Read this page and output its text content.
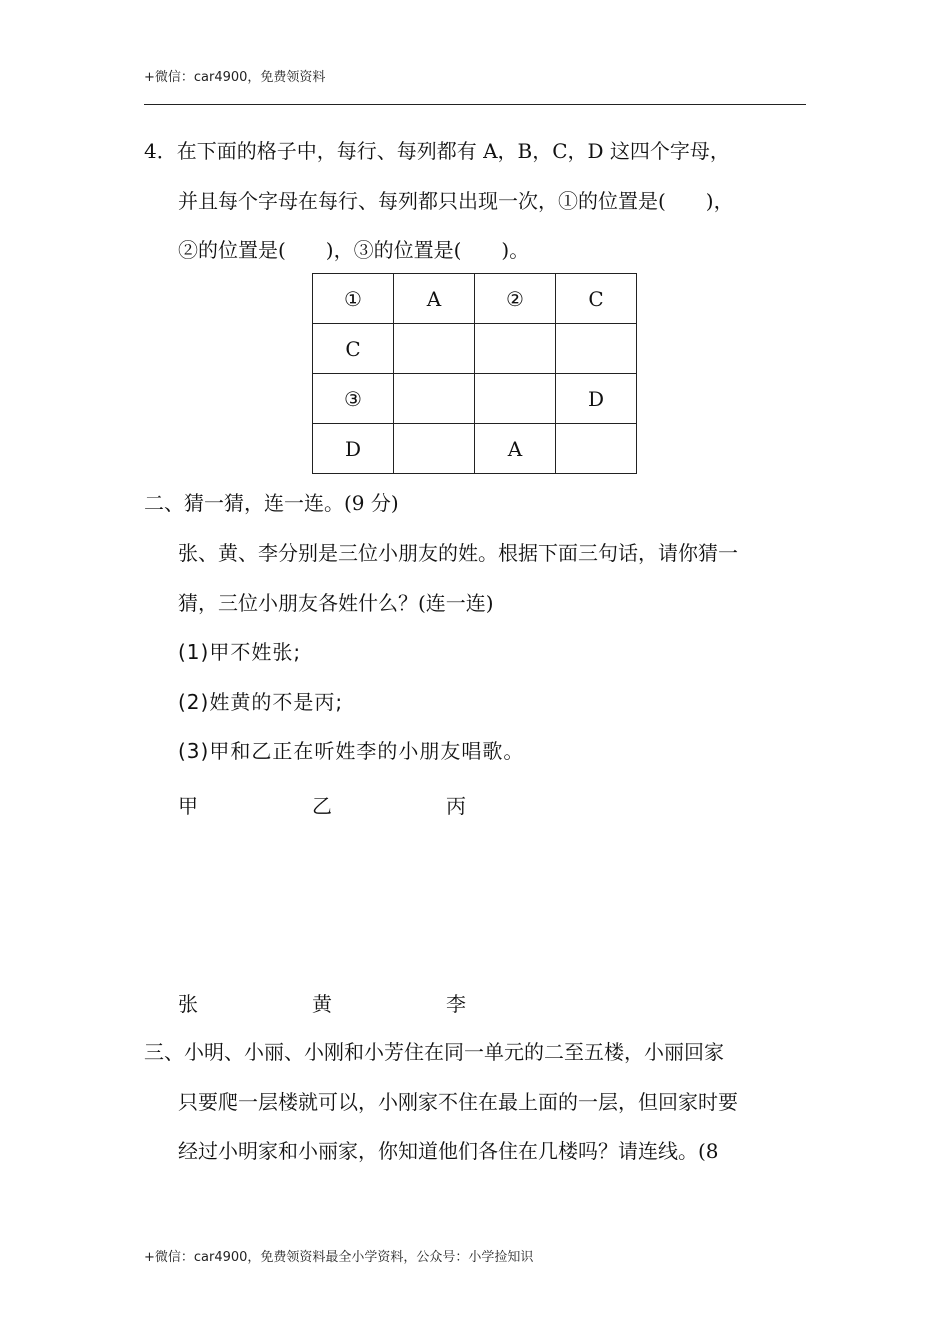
+微信：car4900，免费领资料
4．在下面的格子中，每行、每列都有 A，B，C，D 这四个字母，
并且每个字母在每行、每列都只出现一次，①的位置是(　　)，
②的位置是(　　)，③的位置是(　　)。
①	A	②	C
C			
③			D
D		A	
二、猜一猜，连一连。(9 分)
张、黄、李分别是三位小朋友的姓。根据下面三句话，请你猜一
猜，三位小朋友各姓什么？(连一连)
(1)甲不姓张;
(2)姓黄的不是丙;
(3)甲和乙正在听姓李的小朋友唱歌。
甲	乙	丙
张	黄	李
三、小明、小丽、小刚和小芳住在同一单元的二至五楼，小丽回家
只要爬一层楼就可以，小刚家不住在最上面的一层，但回家时要
经过小明家和小丽家，你知道他们各住在几楼吗？请连线。(8
+微信：car4900，免费领资料最全小学资料，公众号：小学捡知识
